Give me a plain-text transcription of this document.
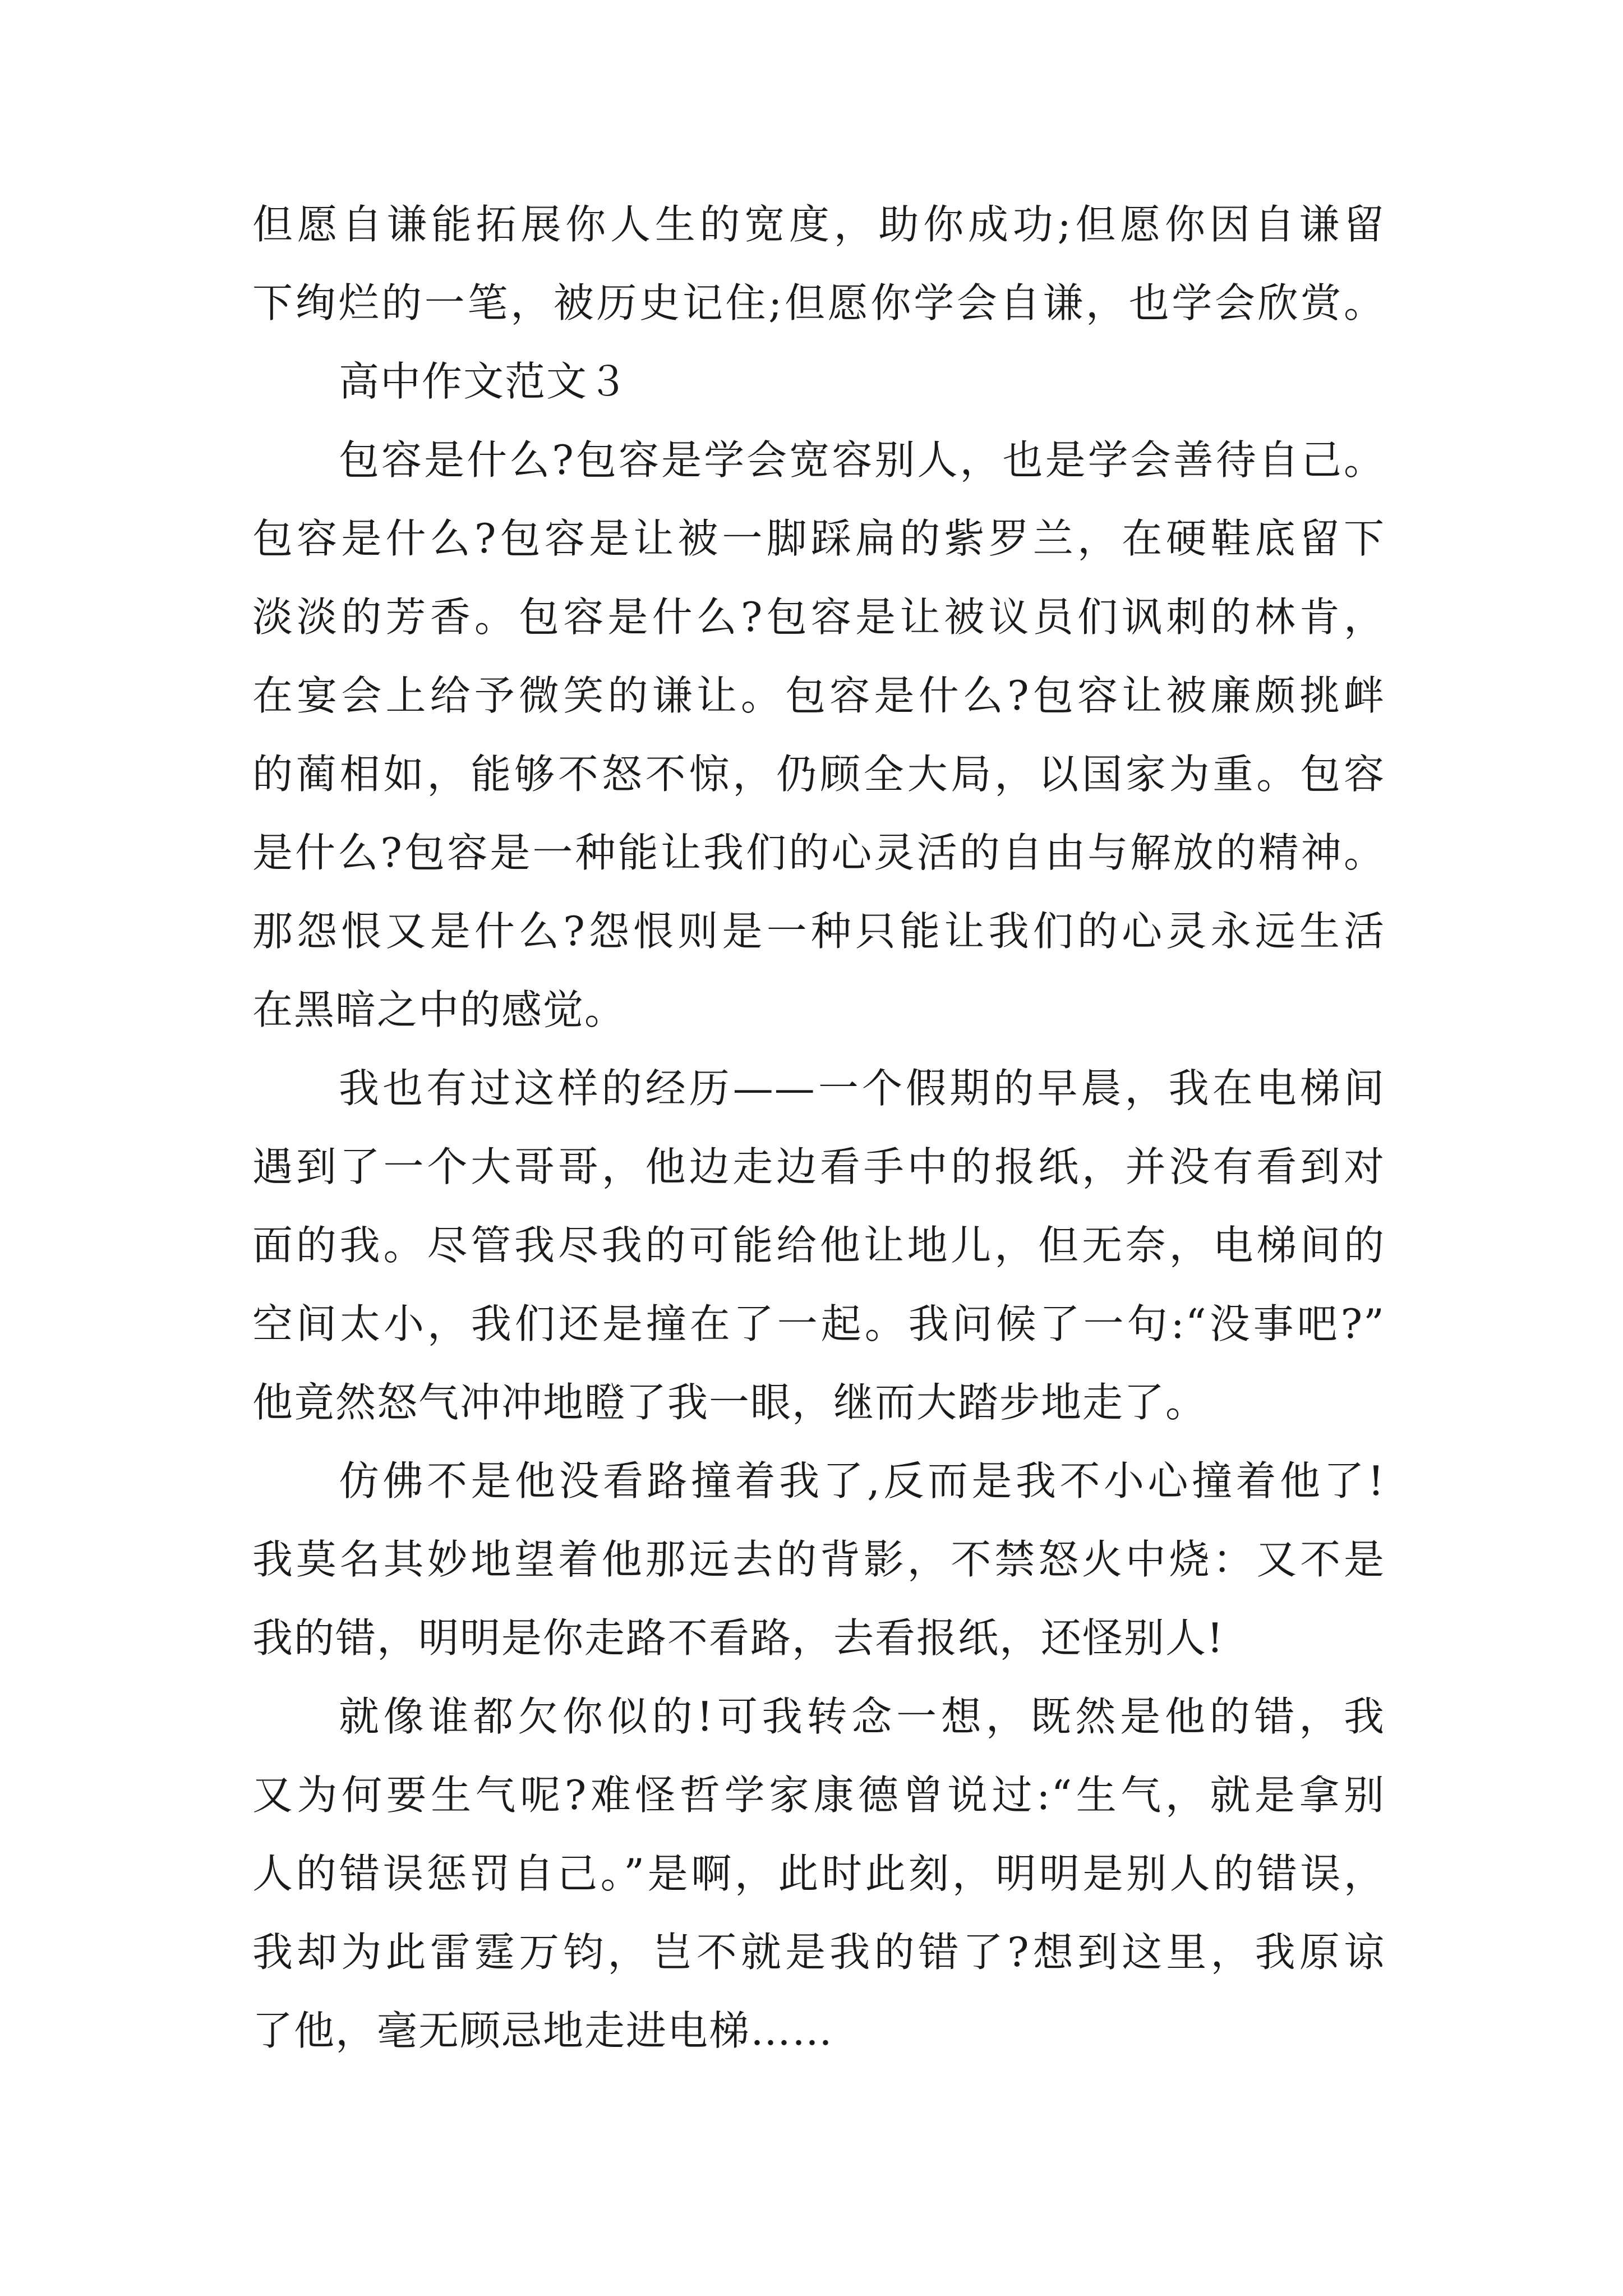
但愿自谦能拓展你人生的宽度，助你成功;但愿你因自谦留
下绚烂的一笔，被历史记住;但愿你学会自谦，也学会欣赏。
高中作文范文３
包容是什么?包容是学会宽容别人，也是学会善待自己。
包容是什么?包容是让被一脚踩扁的紫罗兰，在硬鞋底留下
淡淡的芳香。包容是什么?包容是让被议员们讽刺的林肯，
在宴会上给予微笑的谦让。包容是什么?包容让被廉颇挑衅
的蔺相如，能够不怒不惊，仍顾全大局，以国家为重。包容
是什么?包容是一种能让我们的心灵活的自由与解放的精神。
那怨恨又是什么?怨恨则是一种只能让我们的心灵永远生活
在黑暗之中的感觉。
我也有过这样的经历——一个假期的早晨，我在电梯间
遇到了一个大哥哥，他边走边看手中的报纸，并没有看到对
面的我。尽管我尽我的可能给他让地儿，但无奈，电梯间的
空间太小，我们还是撞在了一起。我问候了一句:“没事吧?”
他竟然怒气冲冲地瞪了我一眼，继而大踏步地走了。
仿佛不是他没看路撞着我了,反而是我不小心撞着他了!
我莫名其妙地望着他那远去的背影，不禁怒火中烧：又不是
我的错，明明是你走路不看路，去看报纸，还怪别人!
就像谁都欠你似的!可我转念一想，既然是他的错，我
又为何要生气呢?难怪哲学家康德曾说过:“生气，就是拿别
人的错误惩罚自己。”是啊，此时此刻，明明是别人的错误，
我却为此雷霆万钧，岂不就是我的错了?想到这里，我原谅
了他，毫无顾忌地走进电梯……
